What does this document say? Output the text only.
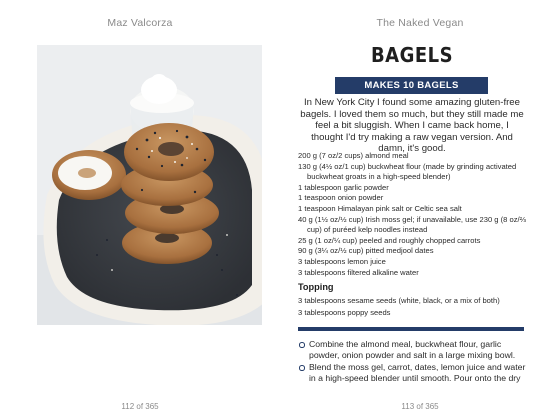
Maz Valcorza	The Naked Vegan
BAGELS
MAKES 10 BAGELS
In New York City I found some amazing gluten-free bagels. I loved them so much, but they still made me feel a bit sluggish. When I came back home, I thought I'd try making a raw vegan version. And damn, it's good.
200 g (7 oz/2 cups) almond meal
130 g (4½ oz/1 cup) buckwheat flour (made by grinding activated buckwheat groats in a high-speed blender)
1 tablespoon garlic powder
1 teaspoon onion powder
1 teaspoon Himalayan pink salt or Celtic sea salt
40 g (1½ oz/½ cup) Irish moss gel; if unavailable, use 230 g (8 oz/⅔ cup) of puréed kelp noodles instead
25 g (1 oz/¼ cup) peeled and roughly chopped carrots
90 g (3¼ oz/½ cup) pitted medjool dates
3 tablespoons lemon juice
3 tablespoons filtered alkaline water
Topping
3 tablespoons sesame seeds (white, black, or a mix of both)
3 tablespoons poppy seeds
Combine the almond meal, buckwheat flour, garlic powder, onion powder and salt in a large mixing bowl.
Blend the moss gel, carrot, dates, lemon juice and water in a high-speed blender until smooth. Pour onto the dry
112 of 365	113 of 365
